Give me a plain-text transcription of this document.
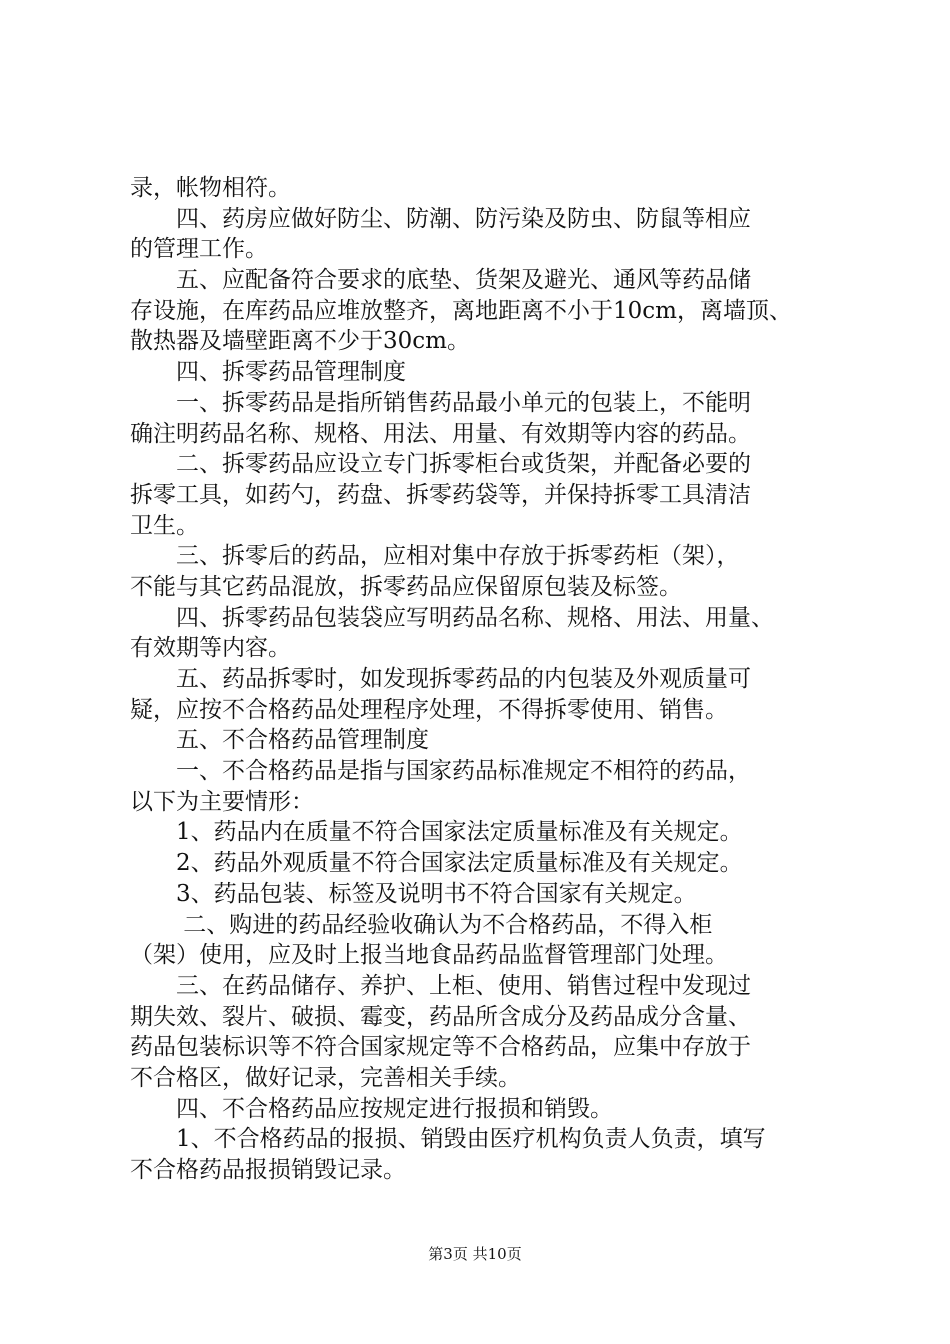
录，帐物相符。
　　四、药房应做好防尘、防潮、防污染及防虫、防鼠等相应
的管理工作。
　　五、应配备符合要求的底垫、货架及避光、通风等药品储
存设施，在库药品应堆放整齐，离地距离不小于10cm，离墙顶、
散热器及墙壁距离不少于30cm。
　　四、拆零药品管理制度
　　一、拆零药品是指所销售药品最小单元的包装上，不能明
确注明药品名称、规格、用法、用量、有效期等内容的药品。
　　二、拆零药品应设立专门拆零柜台或货架，并配备必要的
拆零工具，如药勺，药盘、拆零药袋等，并保持拆零工具清洁
卫生。
　　三、拆零后的药品，应相对集中存放于拆零药柜（架），
不能与其它药品混放，拆零药品应保留原包装及标签。
　　四、拆零药品包装袋应写明药品名称、规格、用法、用量、
有效期等内容。
　　五、药品拆零时，如发现拆零药品的内包装及外观质量可
疑，应按不合格药品处理程序处理，不得拆零使用、销售。
　　五、不合格药品管理制度
　　一、不合格药品是指与国家药品标准规定不相符的药品，
以下为主要情形：
　　1、药品内在质量不符合国家法定质量标准及有关规定。
　　2、药品外观质量不符合国家法定质量标准及有关规定。
　　3、药品包装、标签及说明书不符合国家有关规定。
　　 二、购进的药品经验收确认为不合格药品，不得入柜
（架）使用，应及时上报当地食品药品监督管理部门处理。
　　三、在药品储存、养护、上柜、使用、销售过程中发现过
期失效、裂片、破损、霉变，药品所含成分及药品成分含量、
药品包装标识等不符合国家规定等不合格药品，应集中存放于
不合格区，做好记录，完善相关手续。
　　四、不合格药品应按规定进行报损和销毁。
　　1、不合格药品的报损、销毁由医疗机构负责人负责，填写
不合格药品报损销毁记录。
第3页 共10页
